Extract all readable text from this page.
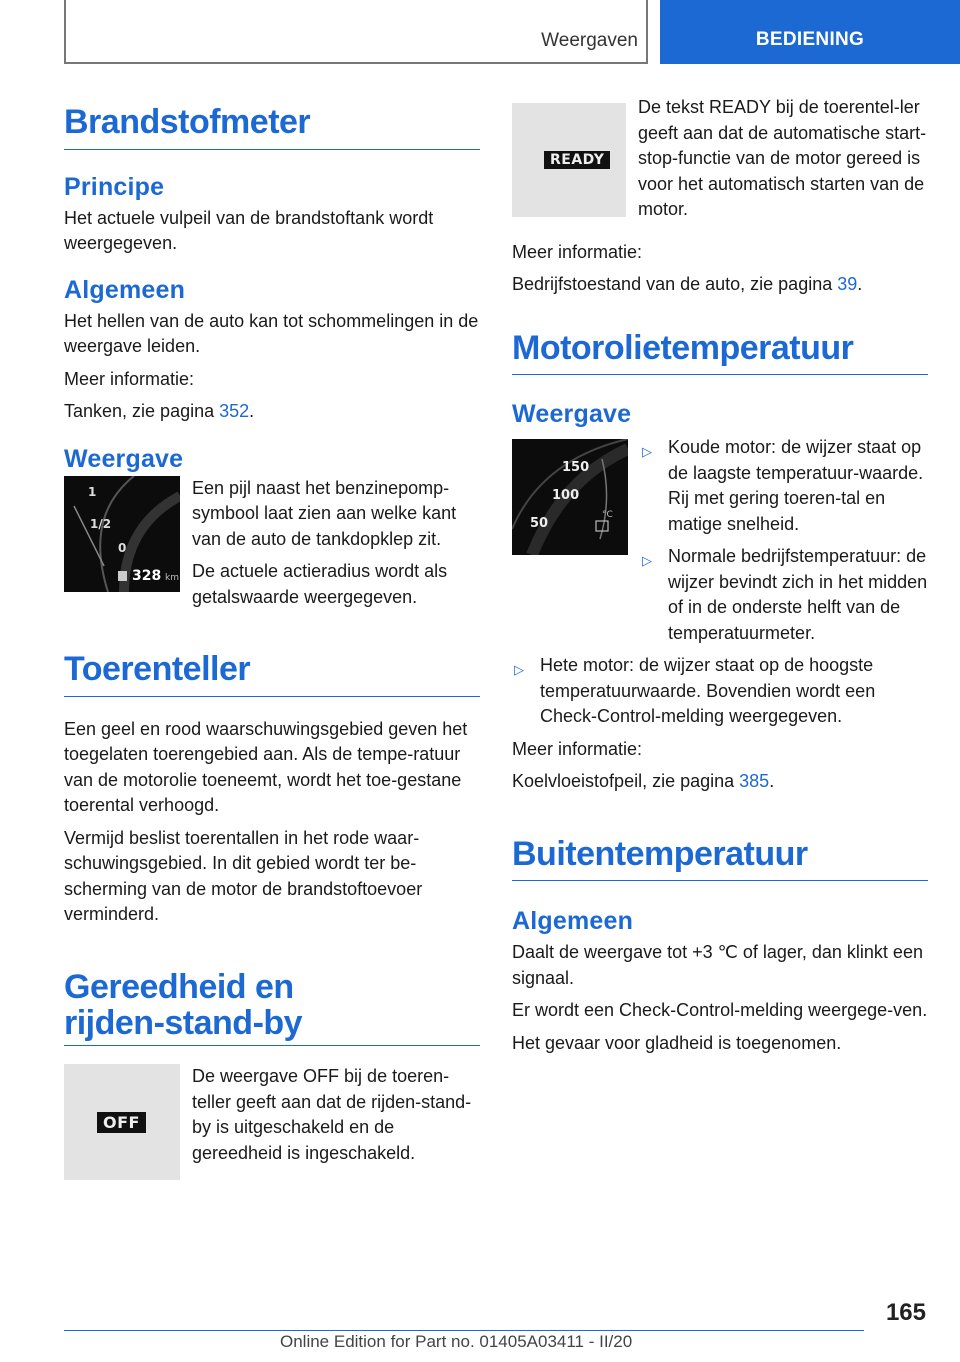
Weergaven	BEDIENING
Brandstofmeter
Principe

Het actuele vulpeil van de brandstoftank wordt weergegeven.

Algemeen

Het hellen van de auto kan tot schommelingen in de weergave leiden.

Meer informatie:

Tanken, zie pagina 352.

Weergave
1
1/2
0
328 km

Een pijl naast het benzinepomp-symbool laat zien aan welke kant van de auto de tankdopklep zit.

De actuele actieradius wordt als getalswaarde weergegeven.

Toerenteller

Een geel en rood waarschuwingsgebied geven het toegelaten toerengebied aan. Als de tempe-ratuur van de motorolie toeneemt, wordt het toe-gestane toerental verhoogd.

Vermijd beslist toerentallen in het rode waar-schuwingsgebied. In dit gebied wordt ter be-scherming van de motor de brandstoftoevoer verminderd.

Gereedheid en rijden-stand-by
OFF

De weergave OFF bij de toeren-teller geeft aan dat de rijden-stand-by is uitgeschakeld en de gereedheid is ingeschakeld.

READY

De tekst READY bij de toerentel-ler geeft aan dat de automatische start-stop-functie van de motor gereed is voor het automatisch starten van de motor.

Meer informatie:

Bedrijfstoestand van de auto, zie pagina 39.

Motorolietemperatuur
Weergave
150
100
50
°C
▷ Koude motor: de wijzer staat op de laagste temperatuur-waarde. Rij met gering toeren-tal en matige snelheid.
▷ Normale bedrijfstemperatuur: de wijzer bevindt zich in het midden of in de onderste helft van de temperatuurmeter.
▷ Hete motor: de wijzer staat op de hoogste temperatuurwaarde. Bovendien wordt een Check-Control-melding weergegeven.

Meer informatie:

Koelvloeistofpeil, zie pagina 385.

Buitentemperatuur
Algemeen

Daalt de weergave tot +3 ℃ of lager, dan klinkt een signaal.

Er wordt een Check-Control-melding weergege-ven.

Het gevaar voor gladheid is toegenomen.

165
Online Edition for Part no. 01405A03411 - II/20
